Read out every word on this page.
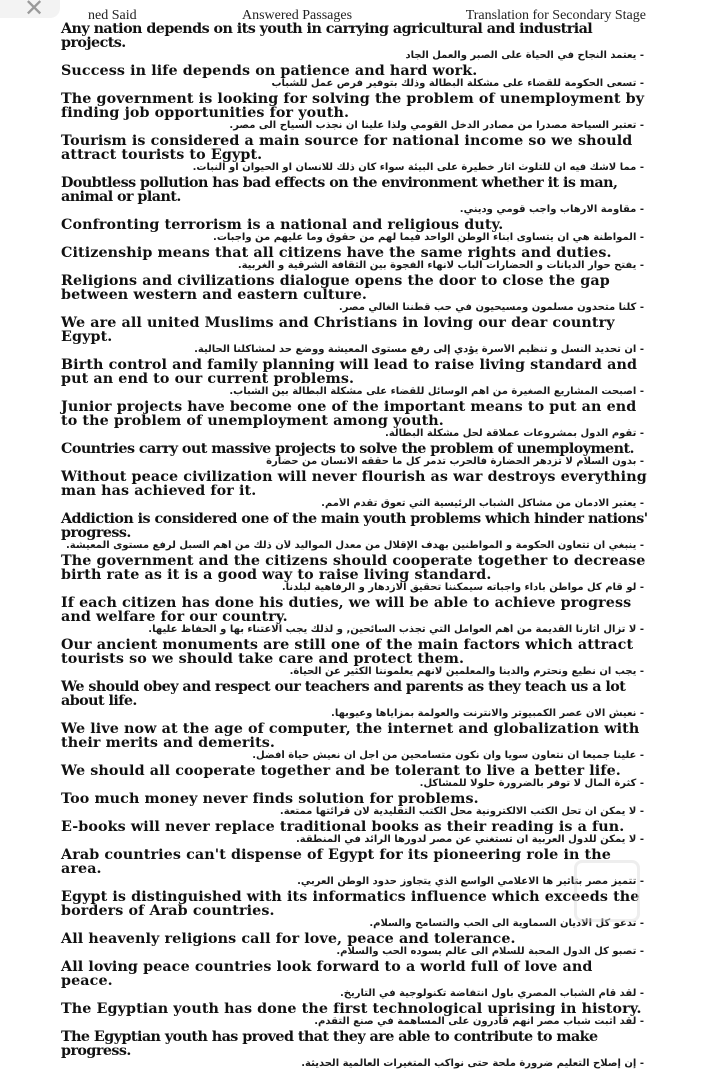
✕	ned Said	Answered Passages	Translation for Secondary Stage

Any nation depends on its youth in carrying agricultural and industrial projects.

- يعتمد النجاح في الحياة على الصبر والعمل الجاد

Success in life depends on patience and hard work.

- تسعى الحكومة للقضاء على مشكلة البطالة وذلك بتوفير فرص عمل للشباب

The government is looking for solving the problem of unemployment by finding job opportunities for youth.

- تعتبر السياحة مصدراً من مصادر الدخل القومي ولذا علينا ان نجذب السياح الى مصر.

Tourism is considered a main source for national income so we should attract tourists to Egypt.

- مما لاشك فيه ان للتلوث اثار خطيرة على البيئة سواء كان ذلك للانسان او الحيوان او النبات.

Doubtless pollution has bad effects on the environment whether it is man, animal or plant.

- مقاومة الارهاب واجب قومي وديني.

Confronting terrorism is a national and religious duty.

- المواطنة هي ان يتساوى ابناء الوطن الواحد فيما لهم من حقوق وما عليهم من واجبات.

Citizenship means that all citizens have the same rights and duties.

- يفتح حوار الديانات و الحضارات الباب لانهاء الفجوة بين الثقافة الشرقية و الغربية.

Religions and civilizations dialogue opens the door to close the gap between western and eastern culture.

- كلنا متحدون مسلمون ومسيحيون في حب قطننا الغالي مصر.

We are all united Muslims and Christians in loving our dear country Egypt.

- ان تحديد النسل و تنظيم الأسرة يؤدي إلى رفع مستوى المعيشة ووضع حد لمشاكلنا الحالية.

Birth control and family planning will lead to raise living standard and put an end to our current problems.

- اصبحت المشاريع الصغيرة من أهم الوسائل للقضاء على مشكلة البطالة بين الشباب.

Junior projects have become one of the important means to put an end to the problem of unemployment among youth.

- تقوم الدول بمشروعات عملاقة لحل مشكلة البطالة.

Countries carry out massive projects to solve the problem of unemployment.

- بدون السلام لا تزدهر الحضارة فالحرب تدمر كل ما حققه الانسان من حضارة

Without peace civilization will never flourish as war destroys everything man has achieved for it.

- يعتبر الادمان من مشاكل الشباب الرئيسية التي تعوق تقدم الأمم.

Addiction is considered one of the main youth problems which hinder nations' progress.

- ينبغي ان تتعاون الحكومة و المواطنين بهدف الإقلال من معدل المواليد لأن ذلك من أهم السبل لرفع مستوى المعيشة.

The government and the citizens should cooperate together to decrease birth rate as it is a good way to raise living standard.

- لو قام كل مواطن باداء واجباته سيمكننا تحقيق الازدهار و الرفاهية لبلدنا.

If each citizen has done his duties, we will be able to achieve progress and welfare for our country.

- لا تزال أثارنا القديمة من أهم العوامل التي تجذب السائحين, و لذلك يجب الاعتناء بها و الحفاظ عليها.

Our ancient monuments are still one of the main factors which attract tourists so we should take care and protect them.

- يجب ان نطيع ونحترم والدينا والمعلمين لانهم يعلموننا الكثير عن الحياة.

We should obey and respect our teachers and parents as they teach us a lot about life.

- نعيش الان عصر الكمبيوتر والانترنت والعولمة بمزاياها وعيوبها.

We live now at the age of computer, the internet and globalization with their merits and demerits.

- علينا جميعا ان نتعاون سويا وان نكون متسامحين من أجل ان نعيش حياة أفضل.

We should all cooperate together and be tolerant to live a better life.

- كثرة المال لا توفر بالضرورة حلولا للمشاكل.

Too much money never finds solution for problems.

- لا يمكن ان تحل الكتب الالكترونية محل الكتب التقليدية لان قرائتها ممتعة.

E-books will never replace traditional books as their reading is a fun.

- لا يمكن للدول العربية ان تستغني عن مصر لدورها الرائد في المنطقة.

Arab countries can't dispense of Egypt for its pioneering role in the area.

- تتميز مصر بتأثير ها الاعلامي الواسع الذي يتجاوز حدود الوطن العربي.

Egypt is distinguished with its informatics influence which exceeds the borders of Arab countries.

- تدعو كل الاديان السماوية الى الحب والتسامح والسلام.

All heavenly religions call for love, peace and tolerance.

- تصبو كل الدول المحبة للسلام الى عالم يسوده الحب والسلام.

All loving peace countries look forward to a world full of love and peace.

- لقد قام الشباب المصري باول انتفاضة تكنولوجية في التاريخ.

The Egyptian youth has done the first technological uprising in history.

- لقد أثبت شباب مصر انهم قادرون على المساهمة في صنع التقدم.

The Egyptian youth has proved that they are able to contribute to make progress.

- إن إصلاح التعليم ضرورة ملحة حتى نواكب المتغيرات العالمية الحديثة.
